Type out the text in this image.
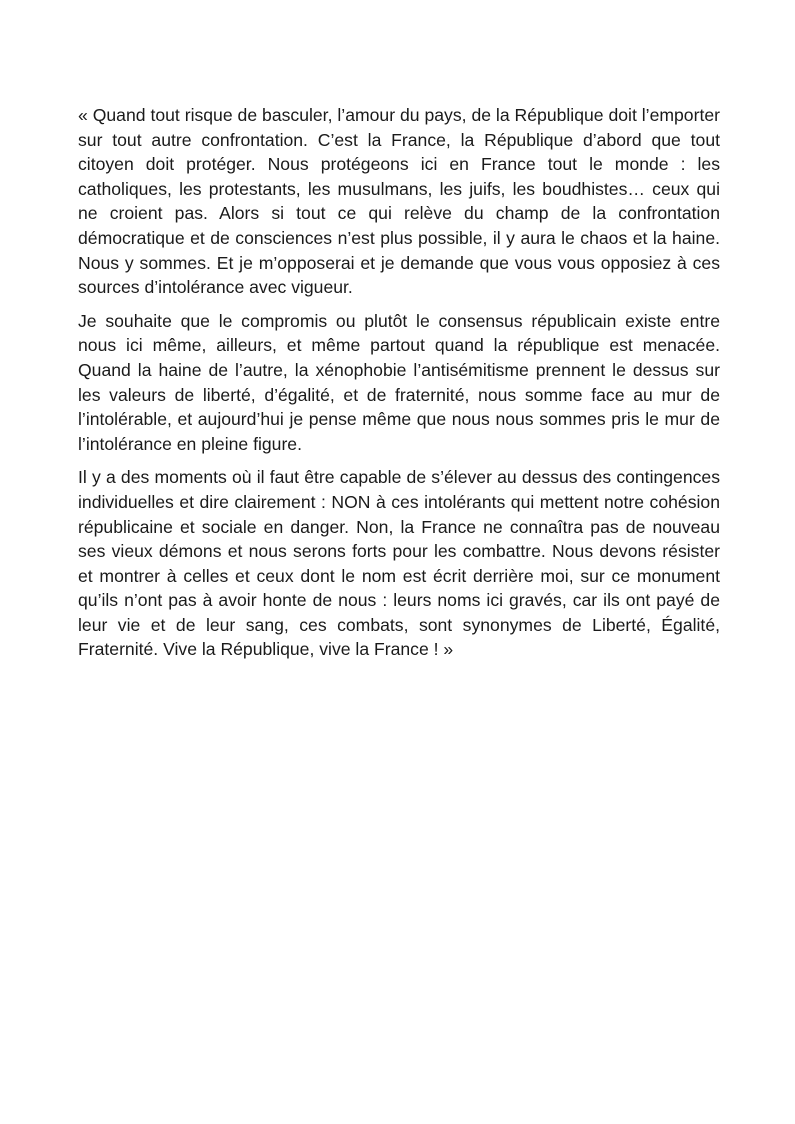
« Quand tout risque de basculer, l’amour du pays, de la République doit l’emporter sur tout autre confrontation. C’est la France, la République d’abord que tout citoyen doit protéger. Nous protégeons ici en France tout le monde : les catholiques, les protestants, les musulmans, les juifs, les boudhistes… ceux qui ne croient pas. Alors si tout ce qui relève du champ de la confrontation démocratique et de consciences n’est plus possible, il y aura le chaos et la haine. Nous y sommes. Et je m’opposerai et je demande que vous vous opposiez à ces sources d’intolérance avec vigueur.

Je souhaite que le compromis ou plutôt le consensus républicain existe entre nous ici même, ailleurs, et même partout quand la république est menacée. Quand la haine de l’autre, la xénophobie l’antisémitisme prennent le dessus sur les valeurs de liberté, d’égalité, et de fraternité, nous somme face au mur de l’intolérable, et aujourd’hui je pense même que nous nous sommes pris le mur de l’intolérance en pleine figure.

Il y a des moments où il faut être capable de s’élever au dessus des contingences individuelles et dire clairement : NON à ces intolérants qui mettent notre cohésion républicaine et sociale en danger. Non, la France ne connaîtra pas de nouveau ses vieux démons et nous serons forts pour les combattre. Nous devons résister et montrer à celles et ceux dont le nom est écrit derrière moi, sur ce monument qu’ils n’ont pas à avoir honte de nous : leurs noms ici gravés, car ils ont payé de leur vie et de leur sang, ces combats, sont synonymes de Liberté, Égalité, Fraternité. Vive la République, vive la France ! »
